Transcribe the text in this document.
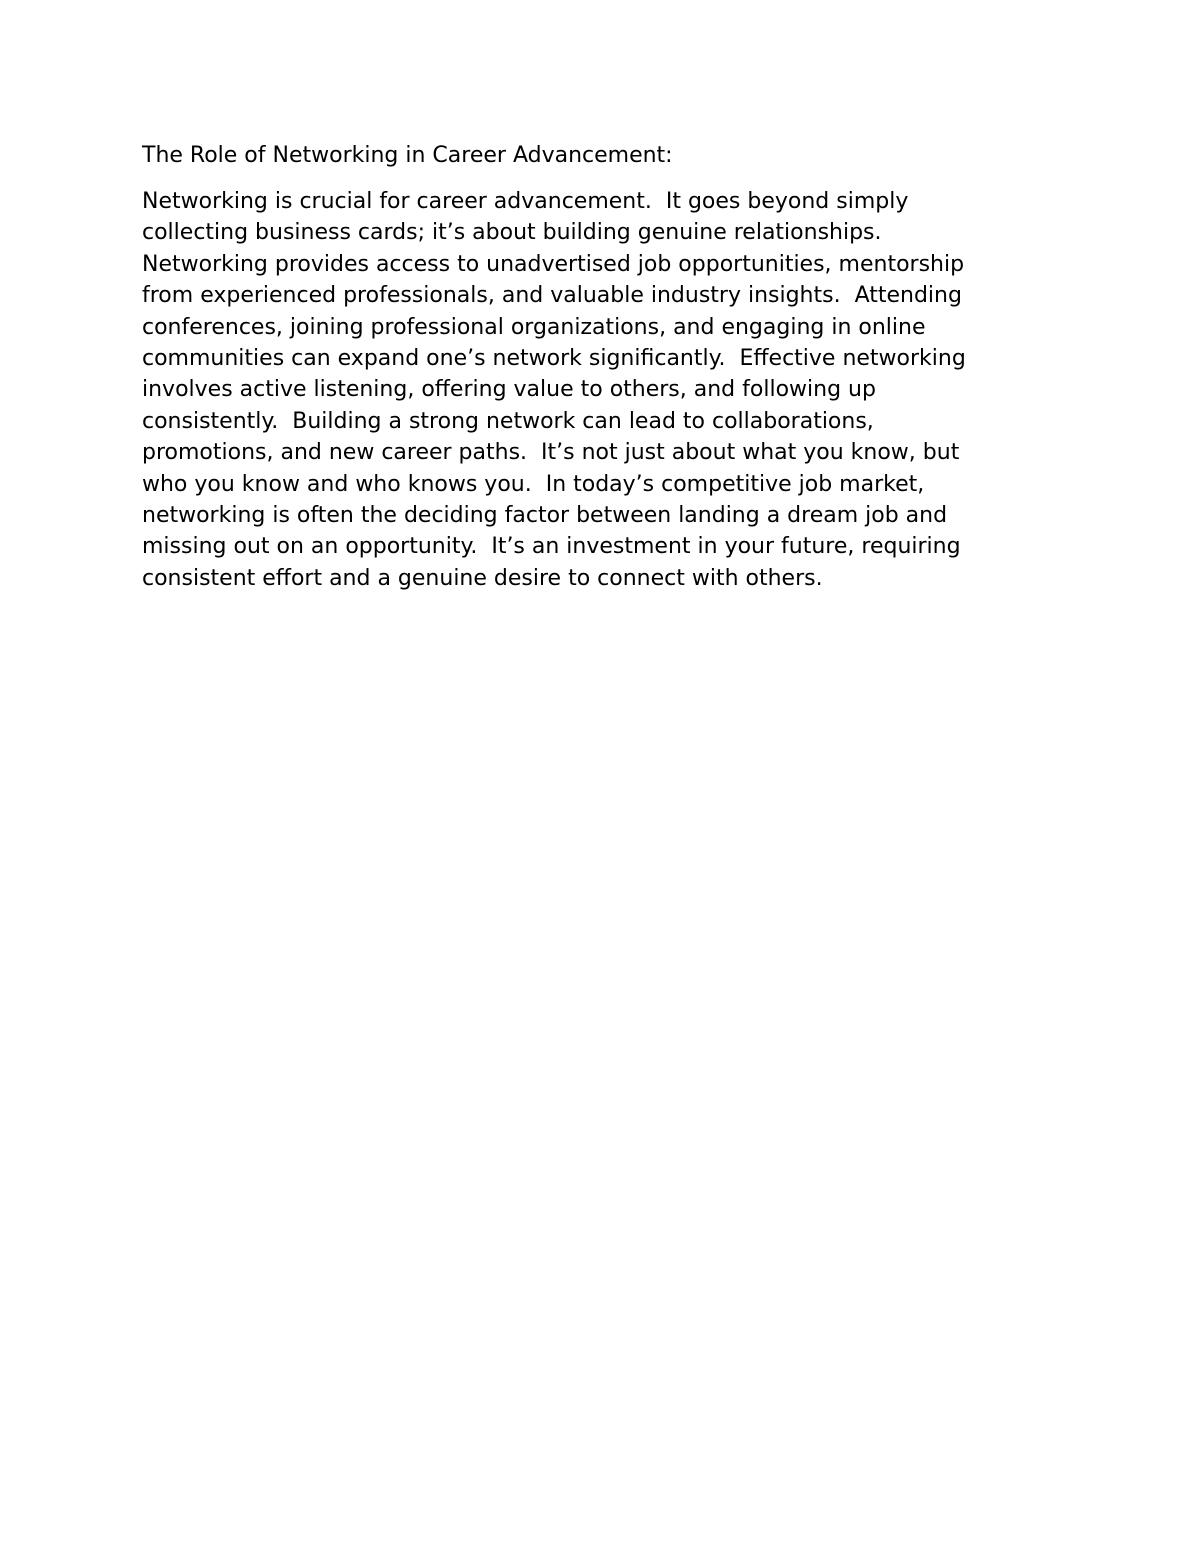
The Role of Networking in Career Advancement:
Networking is crucial for career advancement.  It goes beyond simply
collecting business cards; it’s about building genuine relationships.
Networking provides access to unadvertised job opportunities, mentorship
from experienced professionals, and valuable industry insights.  Attending
conferences, joining professional organizations, and engaging in online
communities can expand one’s network significantly.  Effective networking
involves active listening, offering value to others, and following up
consistently.  Building a strong network can lead to collaborations,
promotions, and new career paths.  It’s not just about what you know, but
who you know and who knows you.  In today’s competitive job market,
networking is often the deciding factor between landing a dream job and
missing out on an opportunity.  It’s an investment in your future, requiring
consistent effort and a genuine desire to connect with others.
